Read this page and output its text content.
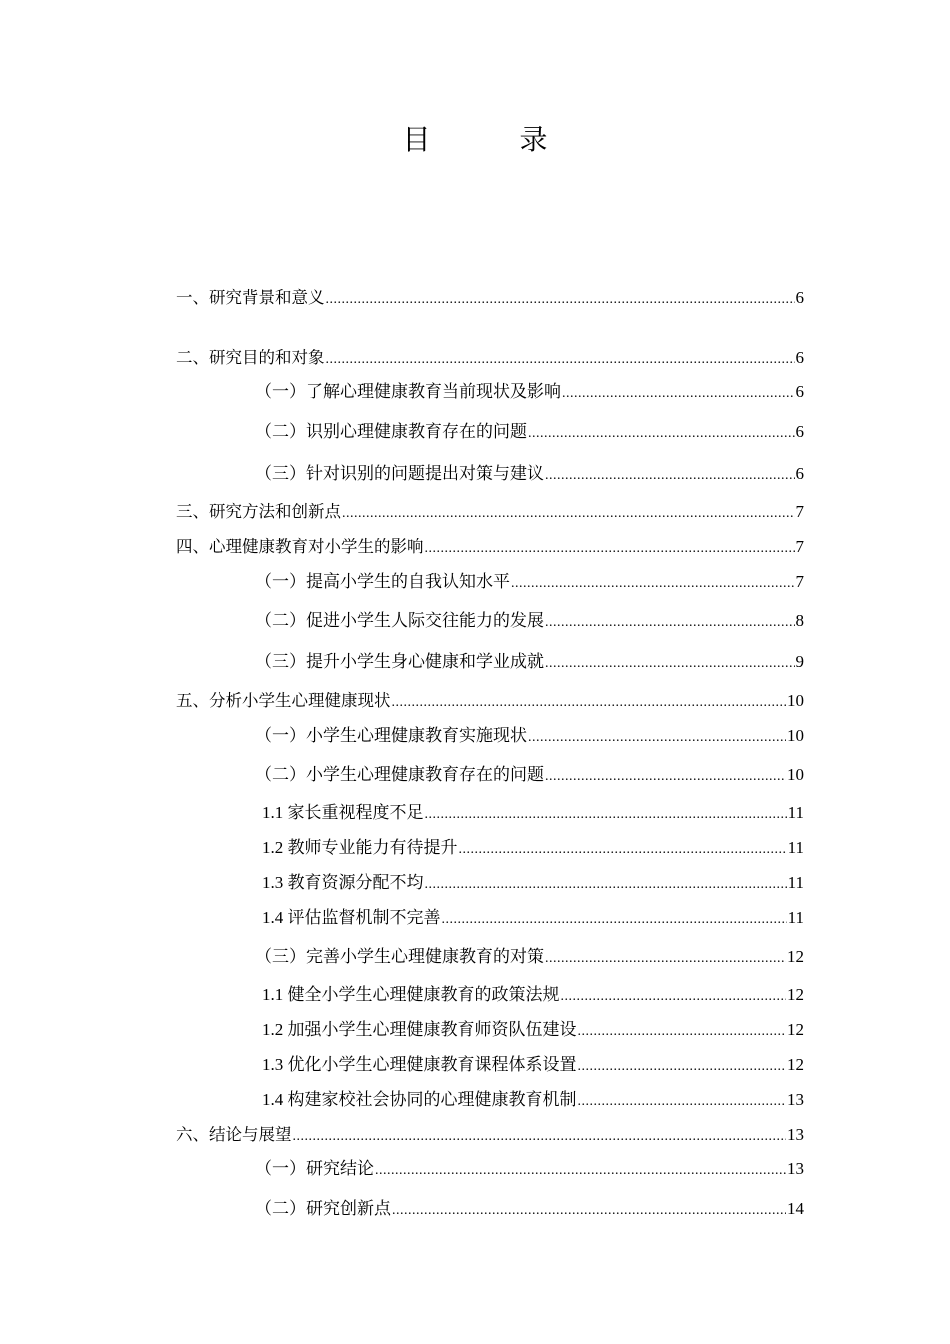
目 录
一、研究背景和意义 .....	6
二、研究目的和对象 .....	6
（一）了解心理健康教育当前现状及影响 .....	6
（二）识别心理健康教育存在的问题 .....	6
（三）针对识别的问题提出对策与建议 .....	6
三、研究方法和创新点 .....	7
四、心理健康教育对小学生的影响 .....	7
（一）提高小学生的自我认知水平 .....	7
（二）促进小学生人际交往能力的发展 .....	8
（三）提升小学生身心健康和学业成就 .....	9
五、分析小学生心理健康现状 .....	10
（一）小学生心理健康教育实施现状 .....	10
（二）小学生心理健康教育存在的问题 .....	10
1.1 家长重视程度不足 .....	11
1.2 教师专业能力有待提升 .....	11
1.3 教育资源分配不均 .....	11
1.4 评估监督机制不完善 .....	11
（三）完善小学生心理健康教育的对策 .....	12
1.1 健全小学生心理健康教育的政策法规 .....	12
1.2 加强小学生心理健康教育师资队伍建设 .....	12
1.3 优化小学生心理健康教育课程体系设置 .....	12
1.4 构建家校社会协同的心理健康教育机制 .....	13
六、结论与展望 .....	13
（一）研究结论 .....	13
（二）研究创新点 .....	14
